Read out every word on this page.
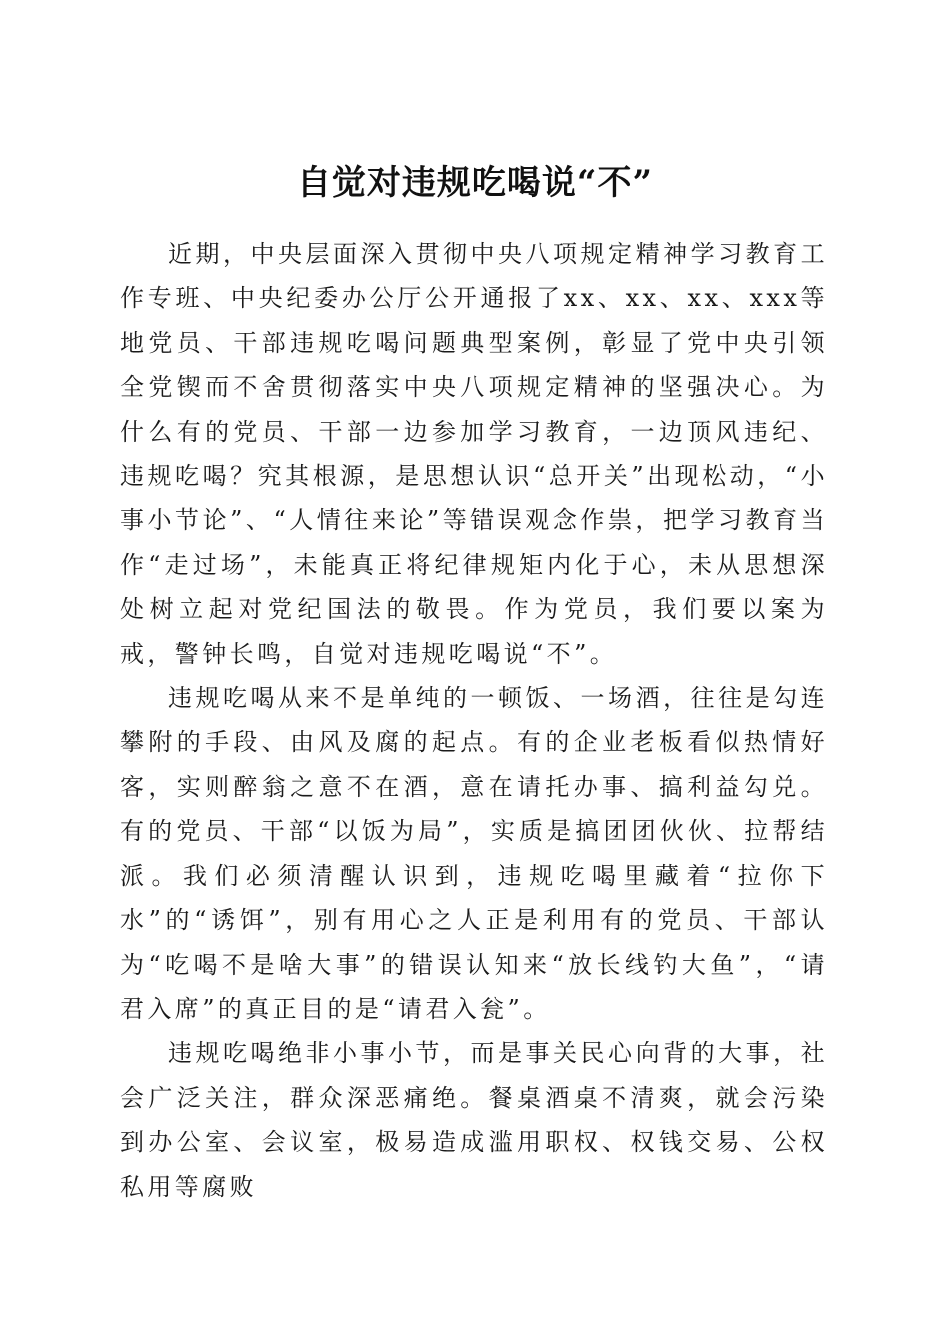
自觉对违规吃喝说“不”

近期，中央层面深入贯彻中央八项规定精神学习教育工作专班、中央纪委办公厅公开通报了xx、xx、xx、xxx等地党员、干部违规吃喝问题典型案例，彰显了党中央引领全党锲而不舍贯彻落实中央八项规定精神的坚强决心。为什么有的党员、干部一边参加学习教育，一边顶风违纪、违规吃喝？究其根源，是思想认识“总开关”出现松动，“小事小节论”、“人情往来论”等错误观念作祟，把学习教育当作“走过场”，未能真正将纪律规矩内化于心，未从思想深处树立起对党纪国法的敬畏。作为党员，我们要以案为戒，警钟长鸣，自觉对违规吃喝说“不”。

违规吃喝从来不是单纯的一顿饭、一场酒，往往是勾连攀附的手段、由风及腐的起点。有的企业老板看似热情好客，实则醉翁之意不在酒，意在请托办事、搞利益勾兑。有的党员、干部“以饭为局”，实质是搞团团伙伙、拉帮结派。我们必须清醒认识到，违规吃喝里藏着“拉你下水”的“诱饵”，别有用心之人正是利用有的党员、干部认为“吃喝不是啥大事”的错误认知来“放长线钓大鱼”，“请君入席”的真正目的是“请君入瓮”。

违规吃喝绝非小事小节，而是事关民心向背的大事，社会广泛关注，群众深恶痛绝。餐桌酒桌不清爽，就会污染到办公室、会议室，极易造成滥用职权、权钱交易、公权私用等腐败
